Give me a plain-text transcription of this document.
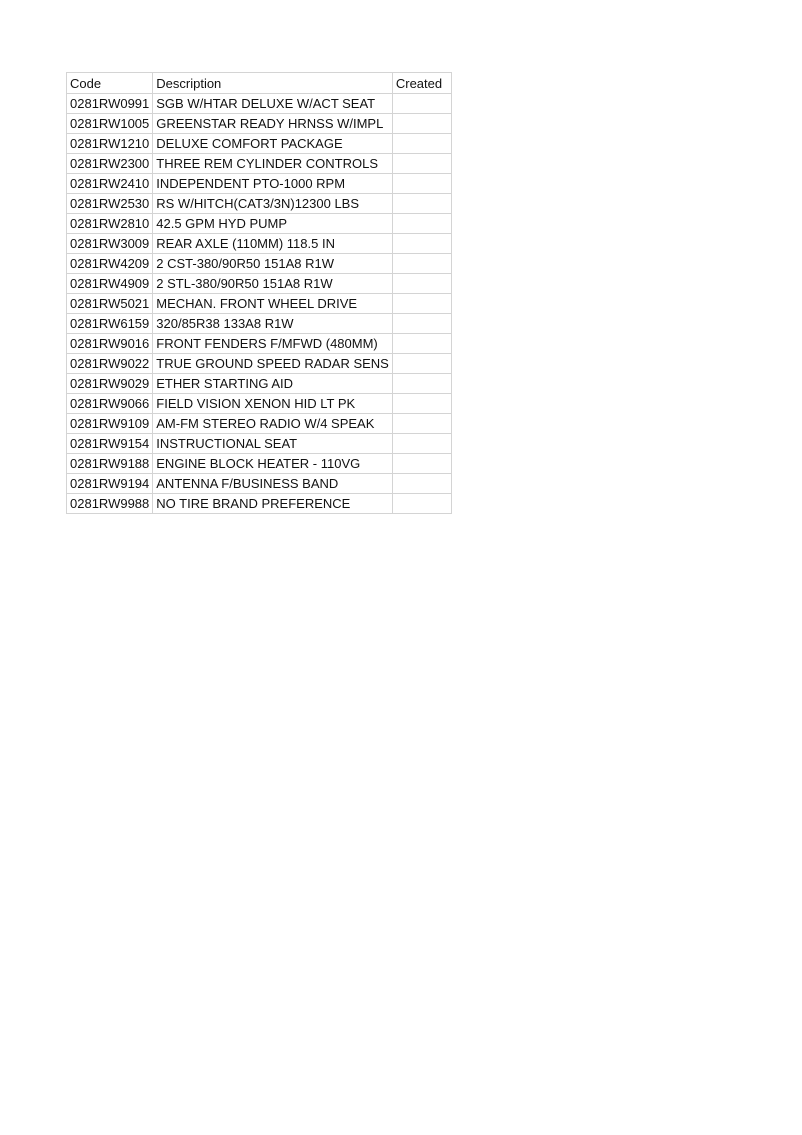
Code	Description	Created
0281RW0991	SGB W/HTAR DELUXE W/ACT SEAT	
0281RW1005	GREENSTAR READY HRNSS W/IMPL	
0281RW1210	DELUXE COMFORT PACKAGE	
0281RW2300	THREE REM CYLINDER CONTROLS	
0281RW2410	INDEPENDENT PTO-1000 RPM	
0281RW2530	RS W/HITCH(CAT3/3N)12300 LBS	
0281RW2810	42.5 GPM HYD PUMP	
0281RW3009	REAR AXLE (110MM) 118.5 IN	
0281RW4209	2 CST-380/90R50 151A8 R1W	
0281RW4909	2 STL-380/90R50 151A8 R1W	
0281RW5021	MECHAN. FRONT WHEEL DRIVE	
0281RW6159	320/85R38 133A8 R1W	
0281RW9016	FRONT FENDERS F/MFWD (480MM)	
0281RW9022	TRUE GROUND SPEED RADAR SENS	
0281RW9029	ETHER STARTING AID	
0281RW9066	FIELD VISION XENON HID LT PK	
0281RW9109	AM-FM STEREO RADIO W/4 SPEAK	
0281RW9154	INSTRUCTIONAL SEAT	
0281RW9188	ENGINE BLOCK HEATER - 110VG	
0281RW9194	ANTENNA F/BUSINESS BAND	
0281RW9988	NO TIRE BRAND PREFERENCE	
